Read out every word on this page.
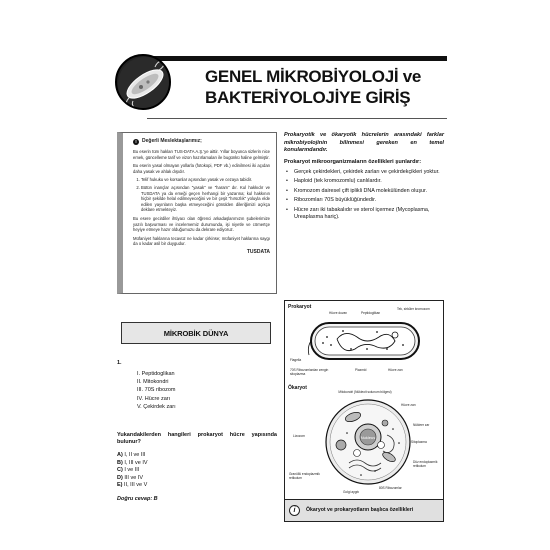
GENEL MİKROBİYOLOJİ ve BAKTERİYOLOJİYE GİRİŞ
!	Değerli Meslektaşlarımız;

Bu eserin tüm hakları TUS-DATA A.Ş.'ye aittir. Yıllar boyunca sizlerin nice emek, güncelleme tarif ve vizon hazırlamaları ile bugünkü haline gelmiştir.

Bu eserin yasal olmayan yollarla (fotokopi, PDF vb.) edinilmesi iki açıdan daha yasak ve ahlak dışıdır.

1. Telif hukuku ve korsanlar açısından yasak ve cezaya tabidir.
2. Bütün inançlar açısından "yasak" ve "haram" dır. Kul hakkıdır ve TUSDATA ya da emeği geçen herhangi bir yazarına; kul hakkının hiçbir şekilde helal edilmeyeceğini ve bir çeşit "hırsızlık" yoluyla elde edilen yayınların başka etmeyeceğini gönülden dileriğimizi açıkça deklare etmekteyiz.

Bu esere gecirdiler ihtiyacı olan öğrenci arkadaşlarımızın şubelerimize yazılı başvurması ve incelememiz durumunda, işi niyetle ve cömertçe heyiye etmeye hazır olduğumuzu da dekrare ediyoruz.

Müfaniyet haklarına tecavüz ne kadar çirkinse; müfaniyet haklarına saygı da o kadar asil bir duygudur.

TUSDATA
MİKROBİK DÜNYA
1.
I. Peptidoglikan
II. Mitokondri
III. 70S ribozom
IV. Hücre zarı
V. Çekirdek zarı
Yukarıdakilerden hangileri prokaryot hücre yapısında bulunur?
A) I, II ve III
B) I, III ve IV
C) I ve III
D) III ve IV
E) II, III ve V
Doğru cevap: B
Prokaryotik ve ökaryotik hücrelerin arasındaki farklar mikrobiyolojinin bilinmesi gereken en temel konularındandır.
Prokaryot mikroorganizmaların özellikleri şunlardır:
• Gerçek çekirdekleri, çekirdek zarları ve çekirdekçikleri yoktur.
• Haploid (tek kromozomlu) canlılardır.
• Kromozom dairesel çift iplikli DNA molekülünden oluşur.
• Ribozomları 70S büyüklüğündedir.
• Hücre zarı iki tabakalıdır ve sterol içermez (Mycoplasma, Ureaplasma hariç).
Prokaryot
Hücre duvarı	Peptidoglikan
Tek, sirküler kromozom
Flagella
70S Ribozomlardan zengin sitoplazma
Plazmid	Hücre zarı
Ökaryot
Nukleus
Mitokondri (Nükleoit solunum bölgesi)
Hücre zarı
Nükleer zar
Sitoplazma
Lizozom
Düz endoplazmik retikulum
Granüllü endoplazmik retikulum
80S Ribozomlar
Golgi aygıtı
i	Ökaryot ve prokaryotların başlıca özellikleri
